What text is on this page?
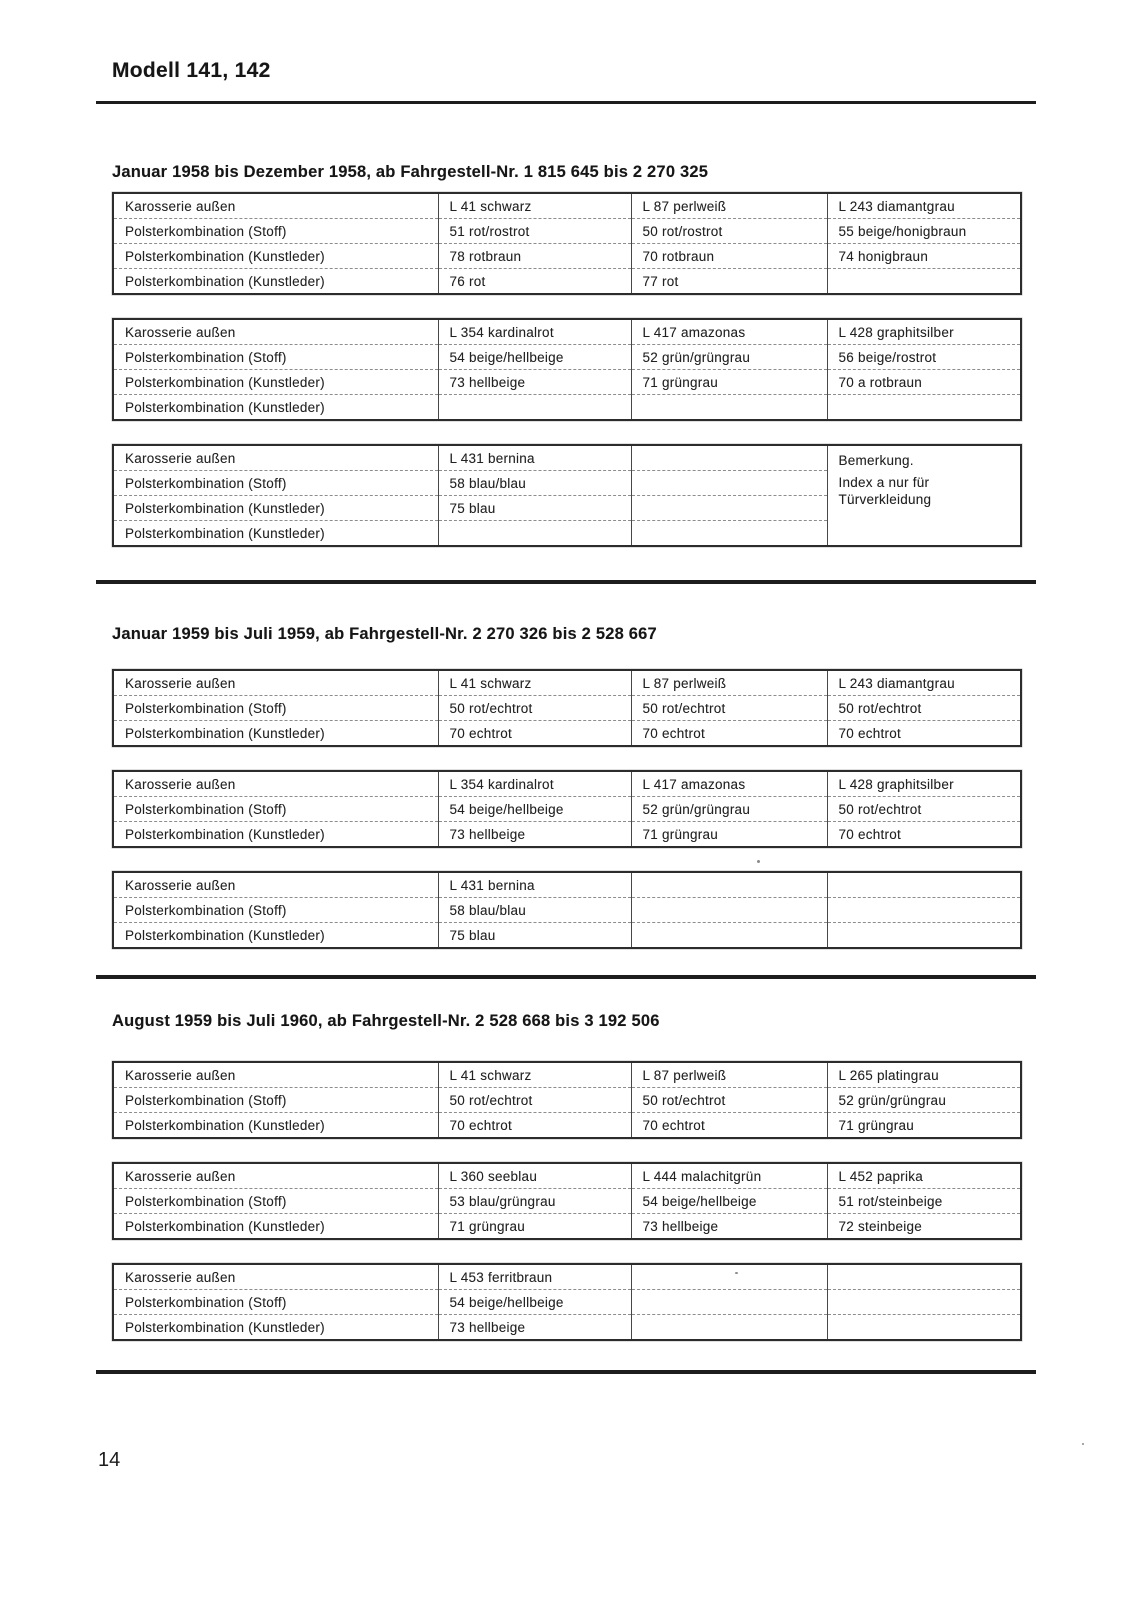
Modell 141, 142
Januar 1958 bis Dezember 1958, ab Fahrgestell-Nr. 1 815 645 bis 2 270 325
Karosserie außen	L 41 schwarz	L 87 perlweiß	L 243 diamantgrau
Polsterkombination (Stoff)	51 rot/rostrot	50 rot/rostrot	55 beige/honigbraun
Polsterkombination (Kunstleder)	78 rotbraun	70 rotbraun	74 honigbraun
Polsterkombination (Kunstleder)	76 rot	77 rot	
Karosserie außen	L 354 kardinalrot	L 417 amazonas	L 428 graphitsilber
Polsterkombination (Stoff)	54 beige/hellbeige	52 grün/grüngrau	56 beige/rostrot
Polsterkombination (Kunstleder)	73 hellbeige	71 grüngrau	70 a rotbraun
Polsterkombination (Kunstleder)			
Karosserie außen	L 431 bernina		Bemerkung.
Index a nur für
Türverkleidung

Polsterkombination (Stoff)	58 blau/blau		
Polsterkombination (Kunstleder)	75 blau		
Polsterkombination (Kunstleder)			
Januar 1959 bis Juli 1959, ab Fahrgestell-Nr. 2 270 326 bis 2 528 667
Karosserie außen	L 41 schwarz	L 87 perlweiß	L 243 diamantgrau
Polsterkombination (Stoff)	50 rot/echtrot	50 rot/echtrot	50 rot/echtrot
Polsterkombination (Kunstleder)	70 echtrot	70 echtrot	70 echtrot
Karosserie außen	L 354 kardinalrot	L 417 amazonas	L 428 graphitsilber
Polsterkombination (Stoff)	54 beige/hellbeige	52 grün/grüngrau	50 rot/echtrot
Polsterkombination (Kunstleder)	73 hellbeige	71 grüngrau	70 echtrot
Karosserie außen	L 431 bernina		
Polsterkombination (Stoff)	58 blau/blau		
Polsterkombination (Kunstleder)	75 blau		
August 1959 bis Juli 1960, ab Fahrgestell-Nr. 2 528 668 bis 3 192 506
Karosserie außen	L 41 schwarz	L 87 perlweiß	L 265 platingrau
Polsterkombination (Stoff)	50 rot/echtrot	50 rot/echtrot	52 grün/grüngrau
Polsterkombination (Kunstleder)	70 echtrot	70 echtrot	71 grüngrau
Karosserie außen	L 360 seeblau	L 444 malachitgrün	L 452 paprika
Polsterkombination (Stoff)	53 blau/grüngrau	54 beige/hellbeige	51 rot/steinbeige
Polsterkombination (Kunstleder)	71 grüngrau	73 hellbeige	72 steinbeige
Karosserie außen	L 453 ferritbraun		
Polsterkombination (Stoff)	54 beige/hellbeige		
Polsterkombination (Kunstleder)	73 hellbeige		
14
